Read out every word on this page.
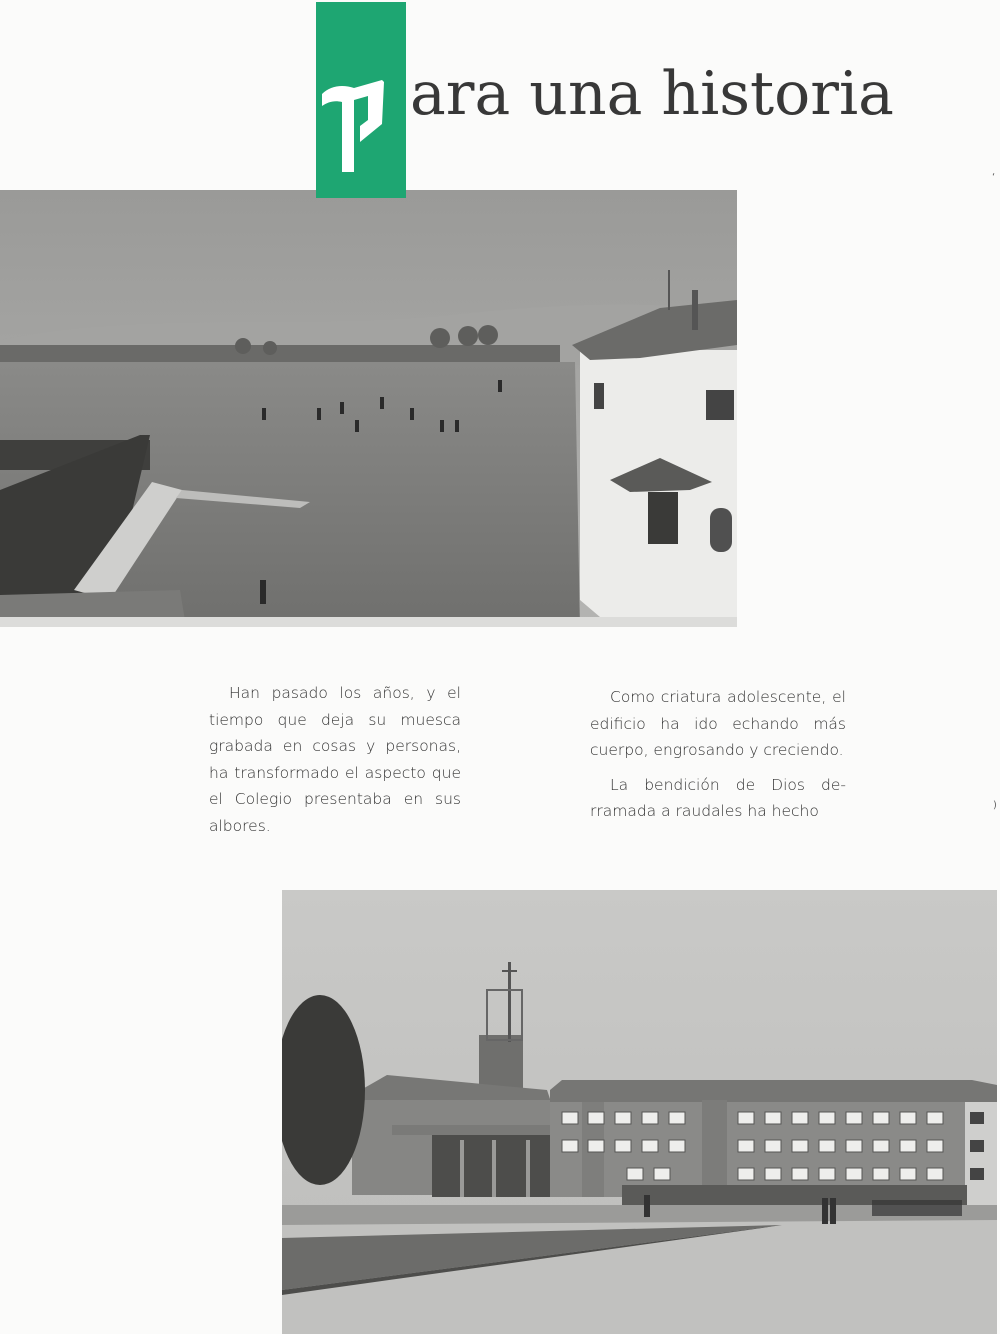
ara una historia

Han pasado los años, y el tiempo que deja su muesca grabada en cosas y personas, ha transformado el aspecto que el Colegio presentaba en sus albores.

Como criatura adolescente, el edificio ha ido echando más cuerpo, engrosando y creciendo.

La bendición de Dios de-rramada a raudales ha hecho

‘
)
